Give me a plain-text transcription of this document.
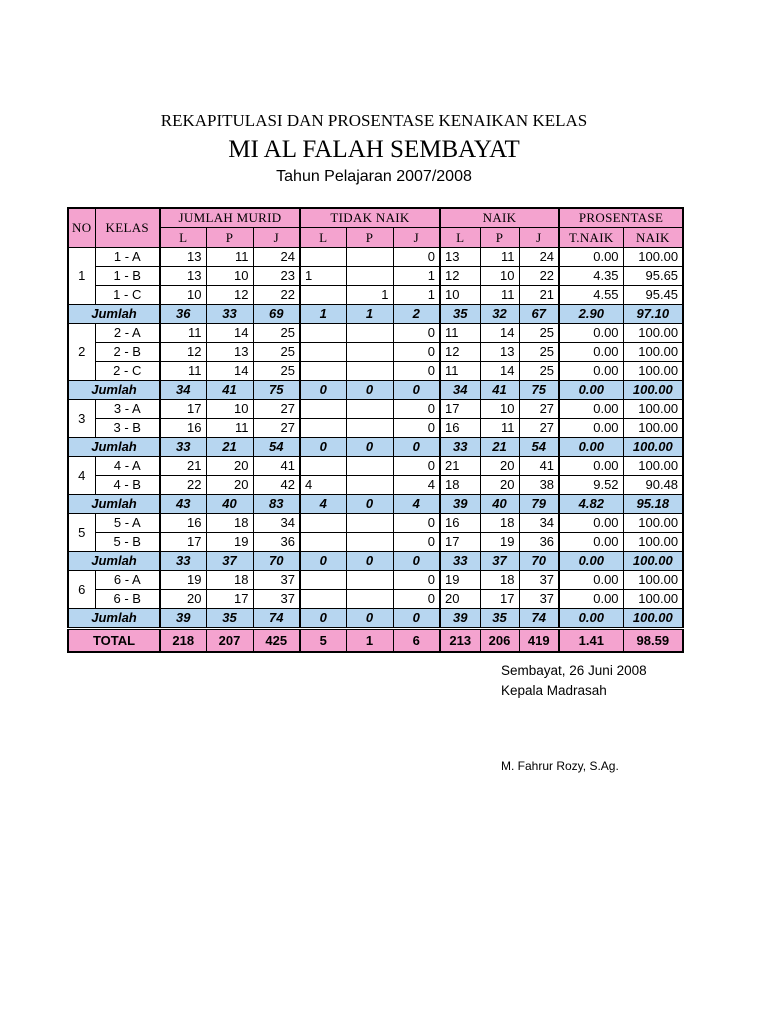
REKAPITULASI DAN PROSENTASE KENAIKAN KELAS
MI AL FALAH SEMBAYAT
Tahun Pelajaran 2007/2008
NO	KELAS	JUMLAH MURID			TIDAK NAIK			NAIK			PROSENTASE	
		L	P	J	L	P	J	L	P	J	T.NAIK	NAIK
1	1 - A	13	11	24			0	13	11	24	0.00	100.00
	1 - B	13	10	23	1		1	12	10	22	4.35	95.65
	1 - C	10	12	22		1	1	10	11	21	4.55	95.45
Jumlah		36	33	69	1	1	2	35	32	67	2.90	97.10
2	2 - A	11	14	25			0	11	14	25	0.00	100.00
	2 - B	12	13	25			0	12	13	25	0.00	100.00
	2 - C	11	14	25			0	11	14	25	0.00	100.00
Jumlah		34	41	75	0	0	0	34	41	75	0.00	100.00
3	3 - A	17	10	27			0	17	10	27	0.00	100.00
	3 - B	16	11	27			0	16	11	27	0.00	100.00
Jumlah		33	21	54	0	0	0	33	21	54	0.00	100.00
4	4 - A	21	20	41			0	21	20	41	0.00	100.00
	4 - B	22	20	42	4		4	18	20	38	9.52	90.48
Jumlah		43	40	83	4	0	4	39	40	79	4.82	95.18
5	5 - A	16	18	34			0	16	18	34	0.00	100.00
	5 - B	17	19	36			0	17	19	36	0.00	100.00
Jumlah		33	37	70	0	0	0	33	37	70	0.00	100.00
6	6 - A	19	18	37			0	19	18	37	0.00	100.00
	6 - B	20	17	37			0	20	17	37	0.00	100.00
Jumlah		39	35	74	0	0	0	39	35	74	0.00	100.00
TOTAL		218	207	425	5	1	6	213	206	419	1.41	98.59
Sembayat, 26 Juni 2008
Kepala Madrasah
M. Fahrur Rozy, S.Ag.
